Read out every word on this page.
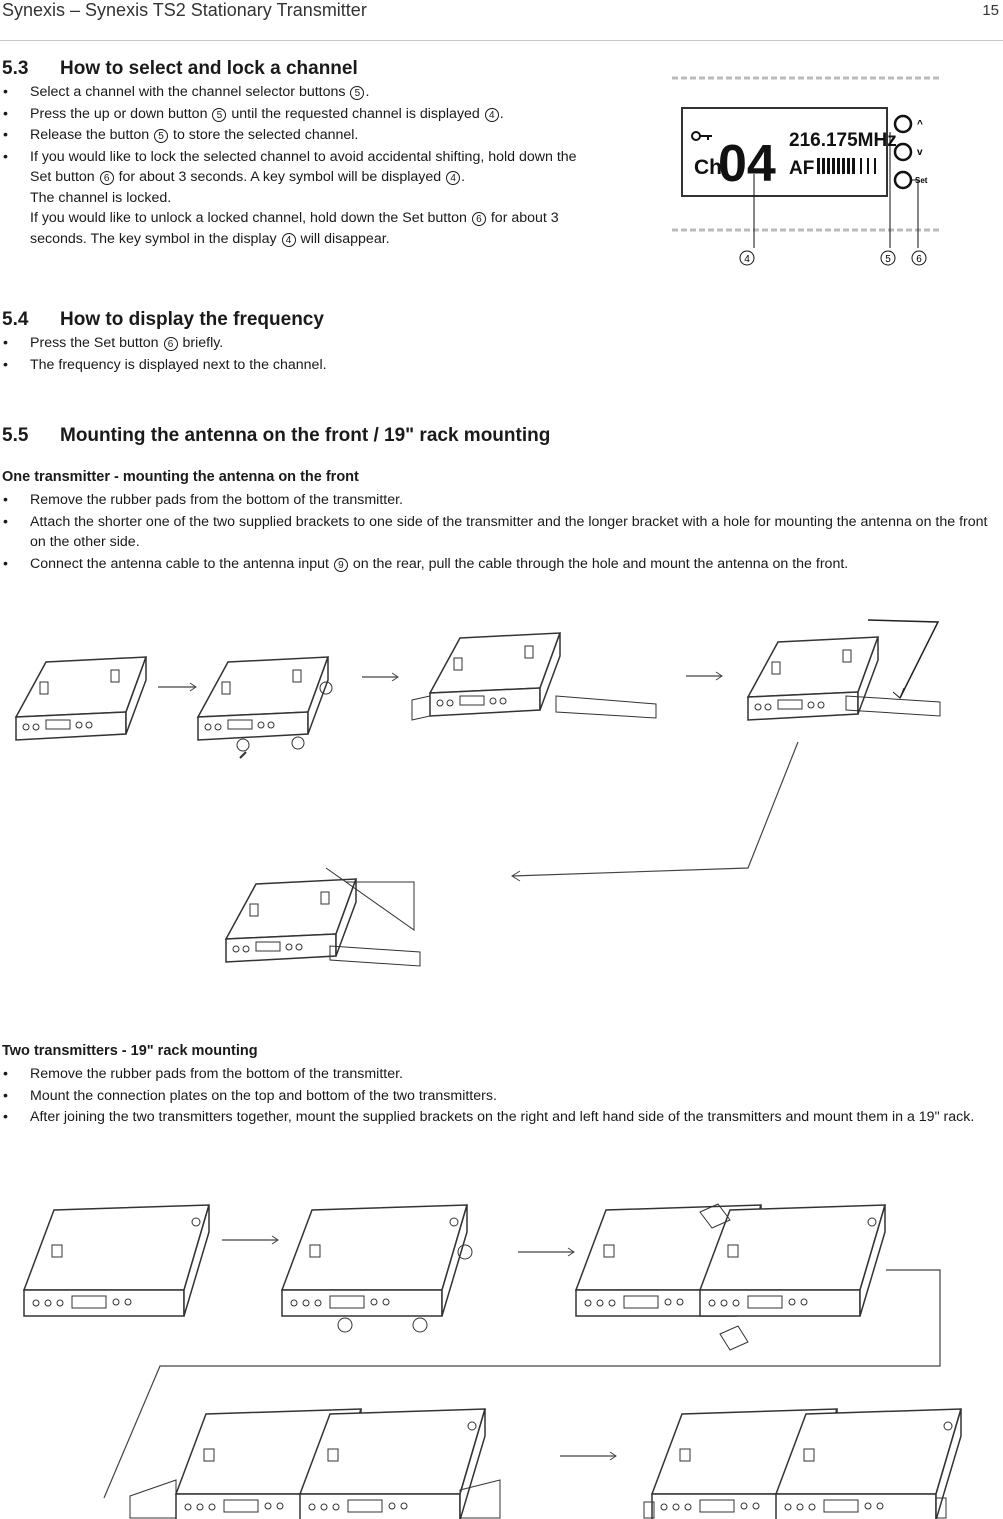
Synexis – Synexis TS2 Stationary Transmitter	15
5.3 How to select and lock a channel
• Select a channel with the channel selector buttons 5 .
• Press the up or down button 5 until the requested channel is displayed 4 .
• Release the button 5 to store the selected channel.
• If you would like to lock the selected channel to avoid accidental shifting, hold down the Set button 6 for about 3 seconds. A key symbol will be displayed 4 .
The channel is locked.
If you would like to unlock a locked channel, hold down the Set button 6 for about 3 seconds. The key symbol in the display 4 will disappear.
Ch
04 216.175MHz
AF
^
v
Set
4	5	6
5.4 How to display the frequency
• Press the Set button 6 briefly.
• The frequency is displayed next to the channel.
5.5 Mounting the antenna on the front / 19" rack mounting
One transmitter - mounting the antenna on the front
• Remove the rubber pads from the bottom of the transmitter.
• Attach the shorter one of the two supplied brackets to one side of the transmitter and the longer bracket with a hole for mounting the antenna on the front on the other side.
• Connect the antenna cable to the antenna input 9 on the rear, pull the cable through the hole and mount the antenna on the front.
Two transmitters - 19" rack mounting
• Remove the rubber pads from the bottom of the transmitter.
• Mount the connection plates on the top and bottom of the two transmitters.
• After joining the two transmitters together, mount the supplied brackets on the right and left hand side of the transmitters and mount them in a 19" rack.
